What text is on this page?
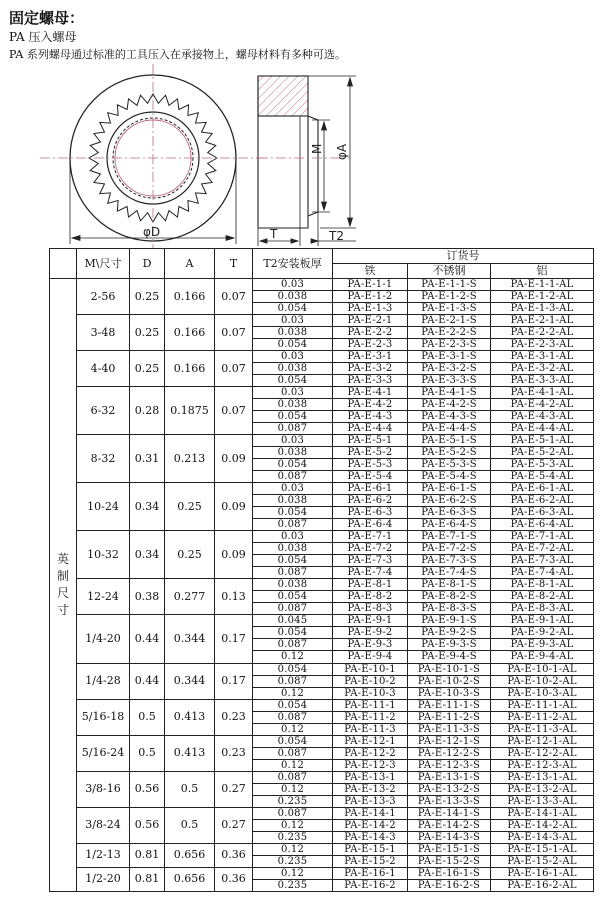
固定螺母：
PA 压入螺母
PA 系列螺母通过标准的工具压入在承接物上，螺母材料有多种可选。
φD
M φA
T	T2
	M\尺寸	D	A	T	T2安装板厚	订货号		
						铁	不锈钢	铝

英
制
尺
寸	2-56	0.25	0.166	0.07	0.03	PA-E-1-1	PA-E-1-1-S	PA-E-1-1-AL
					0.038	PA-E-1-2	PA-E-1-2-S	PA-E-1-2-AL
					0.054	PA-E-1-3	PA-E-1-3-S	PA-E-1-3-AL
	3-48	0.25	0.166	0.07	0.03	PA-E-2-1	PA-E-2-1-S	PA-E-2-1-AL
					0.038	PA-E-2-2	PA-E-2-2-S	PA-E-2-2-AL
					0.054	PA-E-2-3	PA-E-2-3-S	PA-E-2-3-AL
	4-40	0.25	0.166	0.07	0.03	PA-E-3-1	PA-E-3-1-S	PA-E-3-1-AL
					0.038	PA-E-3-2	PA-E-3-2-S	PA-E-3-2-AL
					0.054	PA-E-3-3	PA-E-3-3-S	PA-E-3-3-AL
	6-32	0.28	0.1875	0.07	0.03	PA-E-4-1	PA-E-4-1-S	PA-E-4-1-AL
					0.038	PA-E-4-2	PA-E-4-2-S	PA-E-4-2-AL
					0.054	PA-E-4-3	PA-E-4-3-S	PA-E-4-3-AL
					0.087	PA-E-4-4	PA-E-4-4-S	PA-E-4-4-AL
	8-32	0.31	0.213	0.09	0.03	PA-E-5-1	PA-E-5-1-S	PA-E-5-1-AL
					0.038	PA-E-5-2	PA-E-5-2-S	PA-E-5-2-AL
					0.054	PA-E-5-3	PA-E-5-3-S	PA-E-5-3-AL
					0.087	PA-E-5-4	PA-E-5-4-S	PA-E-5-4-AL
	10-24	0.34	0.25	0.09	0.03	PA-E-6-1	PA-E-6-1-S	PA-E-6-1-AL
					0.038	PA-E-6-2	PA-E-6-2-S	PA-E-6-2-AL
					0.054	PA-E-6-3	PA-E-6-3-S	PA-E-6-3-AL
					0.087	PA-E-6-4	PA-E-6-4-S	PA-E-6-4-AL
	10-32	0.34	0.25	0.09	0.03	PA-E-7-1	PA-E-7-1-S	PA-E-7-1-AL
					0.038	PA-E-7-2	PA-E-7-2-S	PA-E-7-2-AL
					0.054	PA-E-7-3	PA-E-7-3-S	PA-E-7-3-AL
					0.087	PA-E-7-4	PA-E-7-4-S	PA-E-7-4-AL
	12-24	0.38	0.277	0.13	0.038	PA-E-8-1	PA-E-8-1-S	PA-E-8-1-AL
					0.054	PA-E-8-2	PA-E-8-2-S	PA-E-8-2-AL
					0.087	PA-E-8-3	PA-E-8-3-S	PA-E-8-3-AL
	1/4-20	0.44	0.344	0.17	0.045	PA-E-9-1	PA-E-9-1-S	PA-E-9-1-AL
					0.054	PA-E-9-2	PA-E-9-2-S	PA-E-9-2-AL
					0.087	PA-E-9-3	PA-E-9-3-S	PA-E-9-3-AL
					0.12	PA-E-9-4	PA-E-9-4-S	PA-E-9-4-AL
	1/4-28	0.44	0.344	0.17	0.054	PA-E-10-1	PA-E-10-1-S	PA-E-10-1-AL
					0.087	PA-E-10-2	PA-E-10-2-S	PA-E-10-2-AL
					0.12	PA-E-10-3	PA-E-10-3-S	PA-E-10-3-AL
	5/16-18	0.5	0.413	0.23	0.054	PA-E-11-1	PA-E-11-1-S	PA-E-11-1-AL
					0.087	PA-E-11-2	PA-E-11-2-S	PA-E-11-2-AL
					0.12	PA-E-11-3	PA-E-11-3-S	PA-E-11-3-AL
	5/16-24	0.5	0.413	0.23	0.054	PA-E-12-1	PA-E-12-1-S	PA-E-12-1-AL
					0.087	PA-E-12-2	PA-E-12-2-S	PA-E-12-2-AL
					0.12	PA-E-12-3	PA-E-12-3-S	PA-E-12-3-AL
	3/8-16	0.56	0.5	0.27	0.087	PA-E-13-1	PA-E-13-1-S	PA-E-13-1-AL
					0.12	PA-E-13-2	PA-E-13-2-S	PA-E-13-2-AL
					0.235	PA-E-13-3	PA-E-13-3-S	PA-E-13-3-AL
	3/8-24	0.56	0.5	0.27	0.087	PA-E-14-1	PA-E-14-1-S	PA-E-14-1-AL
					0.12	PA-E-14-2	PA-E-14-2-S	PA-E-14-2-AL
					0.235	PA-E-14-3	PA-E-14-3-S	PA-E-14-3-AL
	1/2-13	0.81	0.656	0.36	0.12	PA-E-15-1	PA-E-15-1-S	PA-E-15-1-AL
					0.235	PA-E-15-2	PA-E-15-2-S	PA-E-15-2-AL
	1/2-20	0.81	0.656	0.36	0.12	PA-E-16-1	PA-E-16-1-S	PA-E-16-1-AL
					0.235	PA-E-16-2	PA-E-16-2-S	PA-E-16-2-AL
